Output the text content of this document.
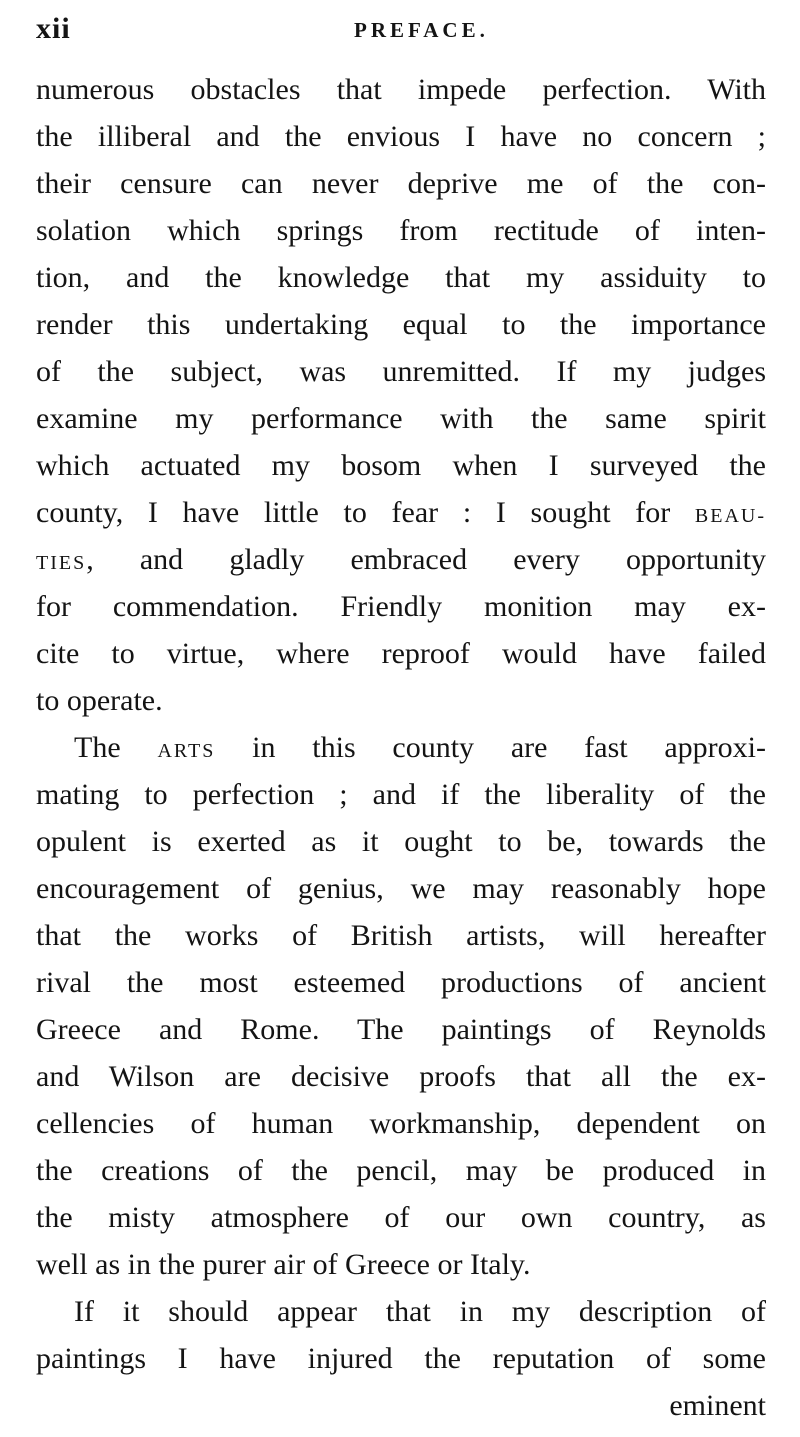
xii	PREFACE.
numerous obstacles that impede perfection. With
the illiberal and the envious I have no concern ;
their censure can never deprive me of the con-
solation which springs from rectitude of inten-
tion, and the knowledge that my assiduity to
render this undertaking equal to the importance
of the subject, was unremitted. If my judges
examine my performance with the same spirit
which actuated my bosom when I surveyed the
county, I have little to fear : I sought for BEAU-
TIES, and gladly embraced every opportunity
for commendation. Friendly monition may ex-
cite to virtue, where reproof would have failed
to operate.
The ARTS in this county are fast approxi-
mating to perfection ; and if the liberality of the
opulent is exerted as it ought to be, towards the
encouragement of genius, we may reasonably hope
that the works of British artists, will hereafter
rival the most esteemed productions of ancient
Greece and Rome. The paintings of Reynolds
and Wilson are decisive proofs that all the ex-
cellencies of human workmanship, dependent on
the creations of the pencil, may be produced in
the misty atmosphere of our own country, as
well as in the purer air of Greece or Italy.
If it should appear that in my description of
paintings I have injured the reputation of some
eminent
